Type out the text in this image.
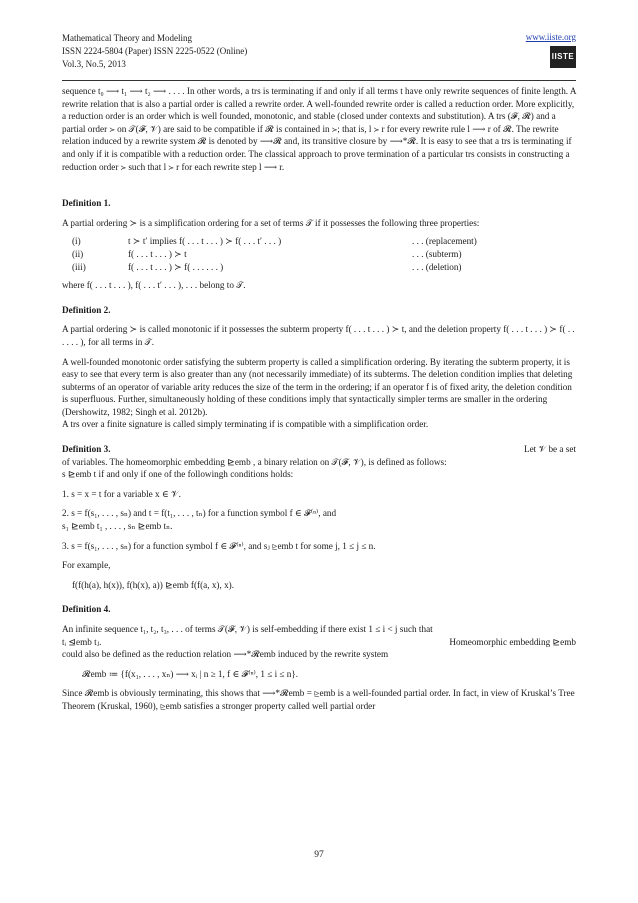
Mathematical Theory and Modeling
ISSN 2224-5804 (Paper) ISSN 2225-0522 (Online)
Vol.3, No.5, 2013
www.iiste.org
IISTE

sequence t₀ ⟶ t₁ ⟶ t₂ ⟶ . . . . In other words, a trs is terminating if and only if all terms t have only rewrite sequences of finite length. A rewrite relation that is also a partial order is called a rewrite order. A well-founded rewrite order is called a reduction order. More explicitly, a reduction order is an order which is well founded, monotonic, and stable (closed under contexts and substitution). A trs (𝓕, 𝓡) and a partial order ≻ on 𝒯(𝓕, 𝒱) are said to be compatible if 𝓡 is contained in ≻; that is, l ≻ r for every rewrite rule l ⟶ r of 𝓡. The rewrite relation induced by a rewrite system 𝓡 is denoted by ⟶𝓡 and, its transitive closure by ⟶*𝓡. It is easy to see that a trs is terminating if and only if it is compatible with a reduction order. The classical approach to prove termination of a particular trs consists in constructing a reduction order ≻ such that l ≻ r for each rewrite step l ⟶ r.

Definition 1.

A partial ordering ≻ is a simplification ordering for a set of terms 𝒯 if it possesses the following three properties:

(i)	t ≻ t′ implies f( . . . t . . . ) ≻ f( . . . t′ . . . )	. . . (replacement)
(ii)	f( . . . t . . . ) ≻ t	. . . (subterm)
(iii)	f( . . . t . . . ) ≻ f( . . . . . . )	. . . (deletion)

where f( . . . t . . . ), f( . . . t′ . . . ), . . . belong to 𝒯.

Definition 2.

A partial ordering ≻ is called monotonic if it possesses the subterm property f( . . . t . . . ) ≻ t, and the deletion property f( . . . t . . . ) ≻ f( . . . . . . ), for all terms in 𝒯.

A well-founded monotonic order satisfying the subterm property is called a simplification ordering. By iterating the subterm property, it is easy to see that every term is also greater than any (not necessarily immediate) of its subterms. The deletion condition implies that deleting subterms of an operator of variable arity reduces the size of the term in the ordering; if an operator f is of fixed arity, the deletion condition is superfluous. Further, simultaneously holding of these conditions imply that syntactically simpler terms are smaller in the ordering (Dershowitz, 1982; Singh et al. 2012b).

A trs over a finite signature is called simply terminating if is compatible with a simplification order.

Definition 3.	Let 𝒱 be a set

of variables. The homeomorphic embedding ⊵emb , a binary relation on 𝒯(𝓕, 𝒱), is defined as follows:

s ⊵emb t if and only if one of the followingh conditions holds:

1. s = x = t for a variable x ∈ 𝒱.

2. s = f(s₁, . . . , sₙ) and t = f(t₁, . . . , tₙ) for a function symbol f ∈ 𝓕⁽ⁿ⁾, and

s₁ ⊵emb t₁ , . . . , sₙ ⊵emb tₙ.

3. s = f(s₁, . . . , sₙ) for a function symbol f ∈ 𝓕⁽ⁿ⁾, and sⱼ ⊵emb t for some j, 1 ≤ j ≤ n.

For example,

f(f(h(a), h(x)), f(h(x), a)) ⊵emb f(f(a, x), x).

Definition 4.

An infinite sequence t₁, t₂, t₃, . . . of terms 𝒯(𝓕, 𝒱) is self-embedding if there exist 1 ≤ i < j such that

tᵢ ⊴emb tⱼ.	Homeomorphic embedding ⊵emb

could also be defined as the reduction relation ⟶*𝓡emb induced by the rewrite system

𝓡emb ≔ {f(x₁, . . . , xₙ) ⟶ xᵢ | n ≥ 1, f ∈ 𝓕⁽ⁿ⁾, 1 ≤ i ≤ n}.

Since 𝓡emb is obviously terminating, this shows that ⟶*𝓡emb = ⊵emb is a well-founded partial order. In fact, in view of Kruskal’s Tree Theorem (Kruskal, 1960), ⊵emb satisfies a stronger property called well partial order

97
